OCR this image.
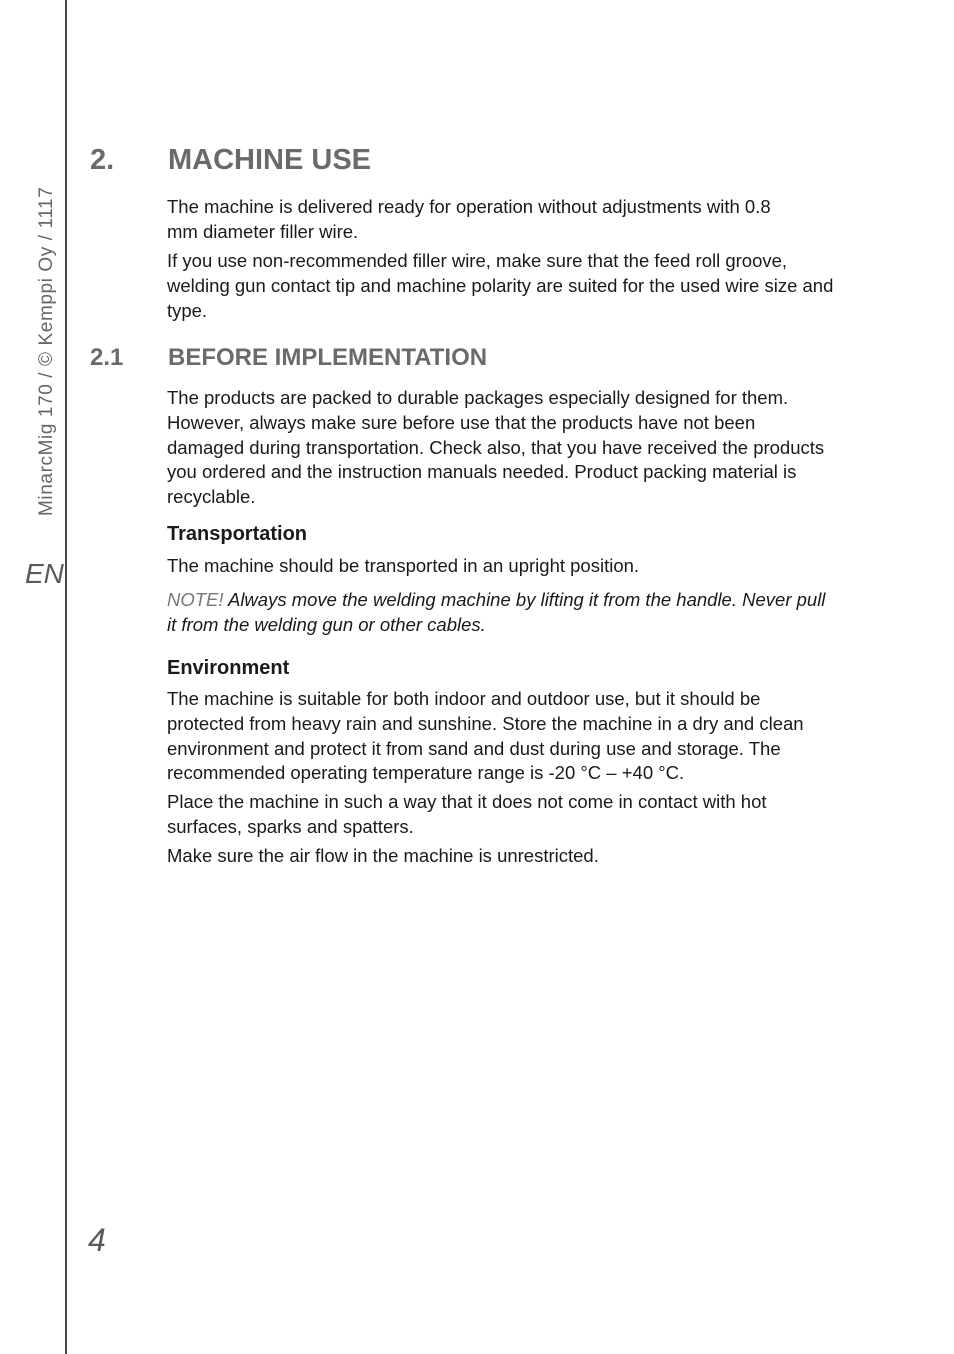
MinarcMig 170 / © Kemppi Oy / 1117
EN
4
2.	MACHINE USE
The machine is delivered ready for operation without adjustments with 0.8 mm diameter filler wire.
If you use non-recommended filler wire, make sure that the feed roll groove, welding gun contact tip and machine polarity are suited for the used wire size and type.
2.1	BEFORE IMPLEMENTATION
The products are packed to durable packages especially designed for them. However, always make sure before use that the products have not been damaged during transportation. Check also, that you have received the products you ordered and the instruction manuals needed. Product packing material is recyclable.
Transportation
The machine should be transported in an upright position.
NOTE! Always move the welding machine by lifting it from the handle. Never pull it from the welding gun or other cables.
Environment
The machine is suitable for both indoor and outdoor use, but it should be protected from heavy rain and sunshine. Store the machine in a dry and clean environment and protect it from sand and dust during use and storage. The recommended operating temperature range is -20 °C – +40 °C.
Place the machine in such a way that it does not come in contact with hot surfaces, sparks and spatters.
Make sure the air flow in the machine is unrestricted.
